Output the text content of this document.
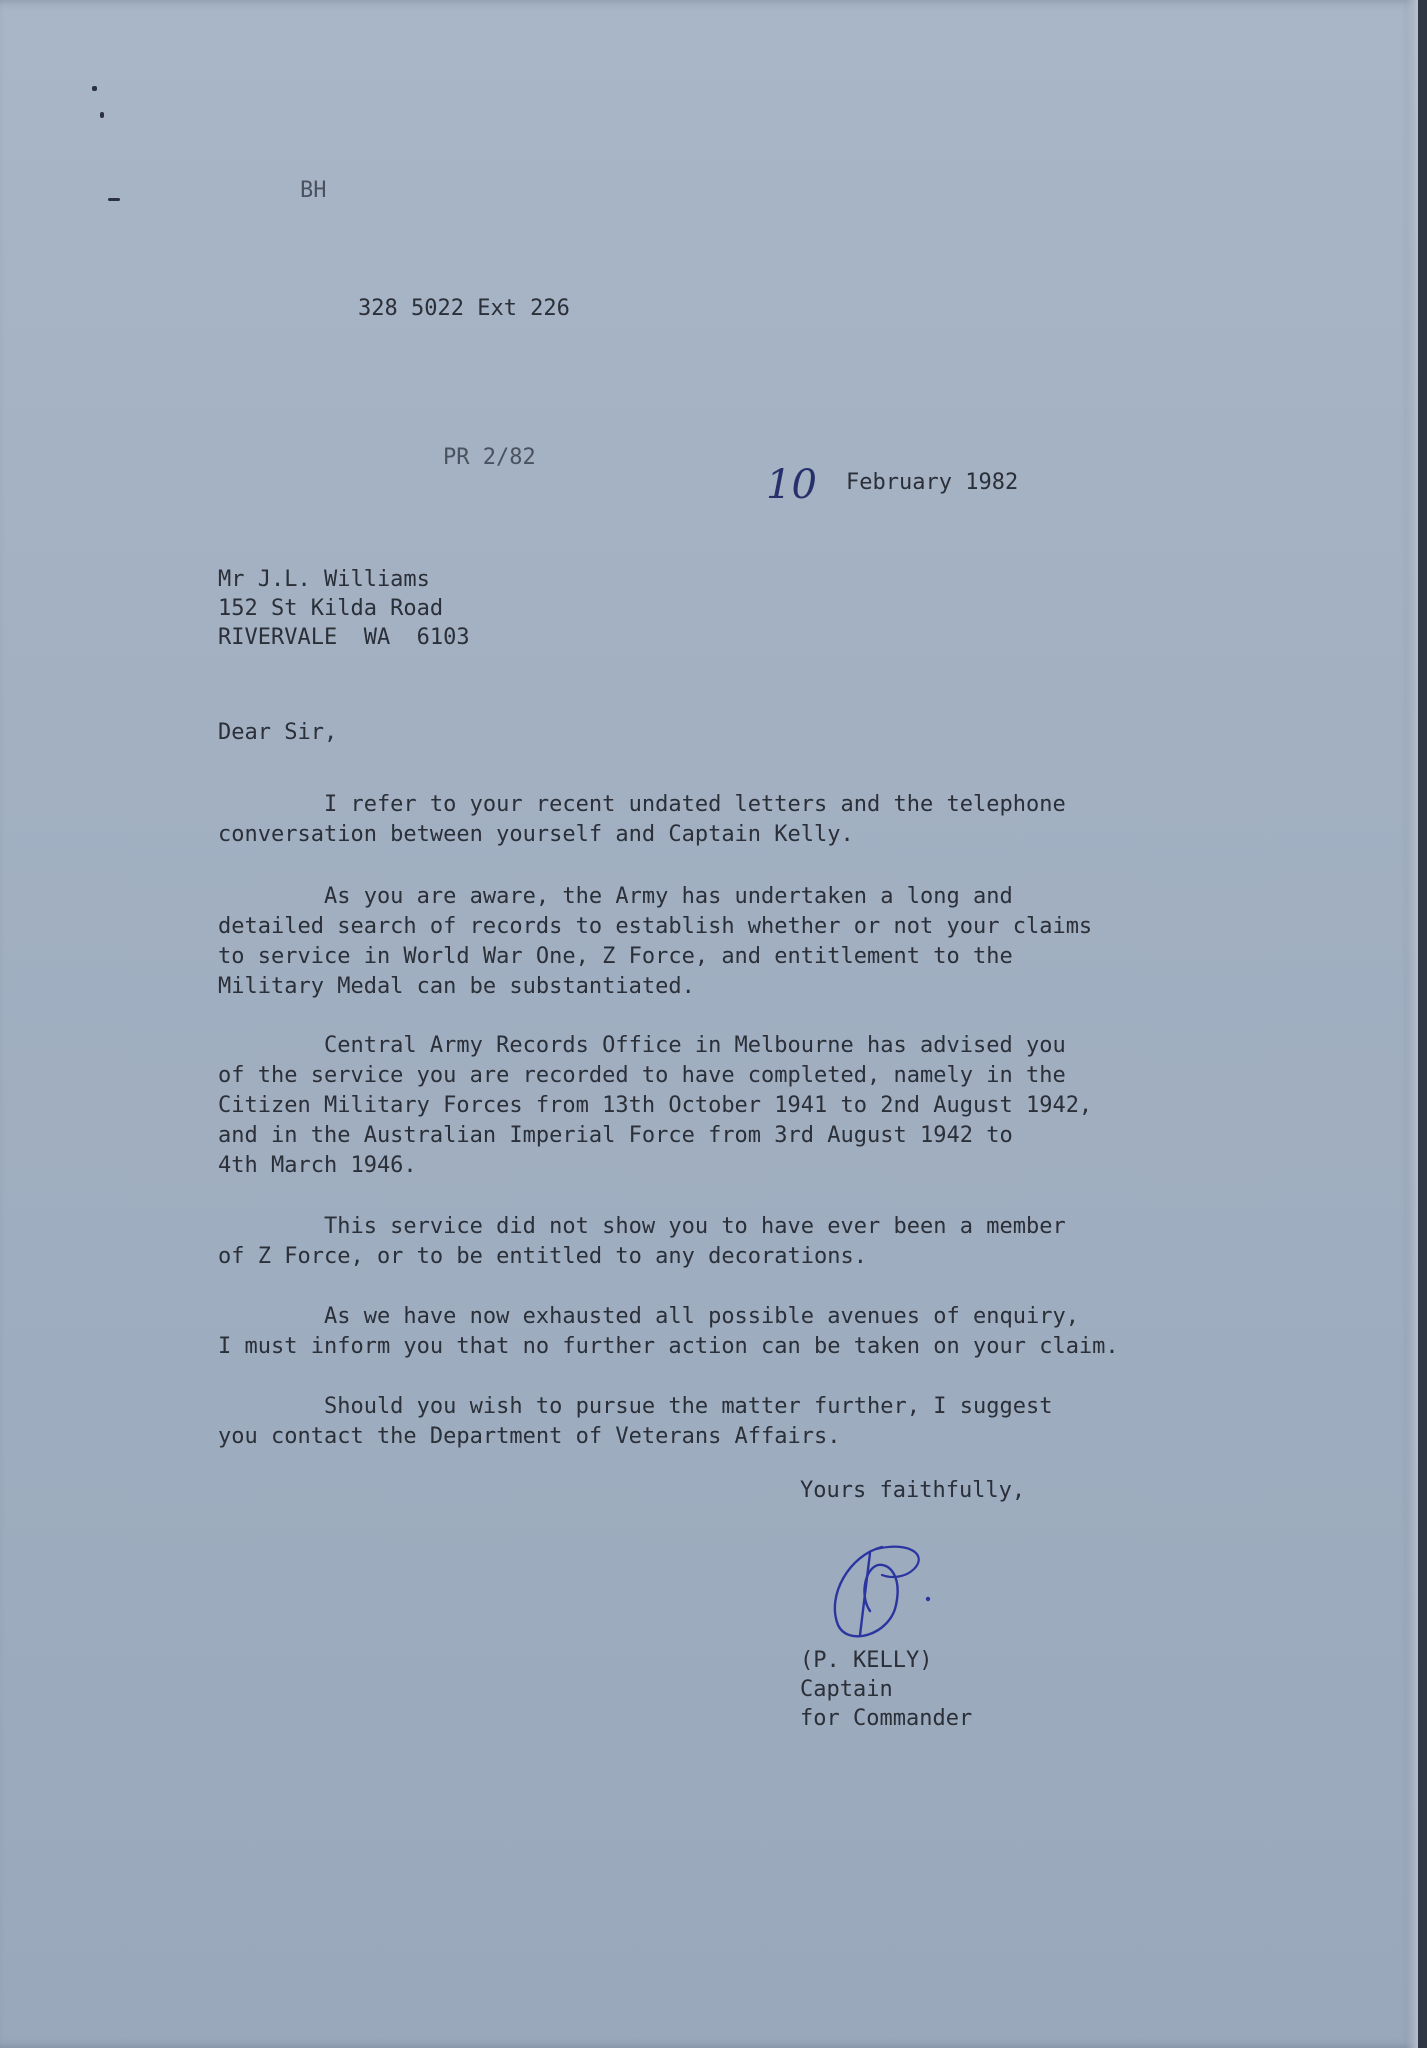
BH

328 5022 Ext 226

PR 2/82

10 February 1982

Mr J.L. Williams

152 St Kilda Road

RIVERVALE  WA  6103

Dear Sir,

I refer to your recent undated letters and the telephone
conversation between yourself and Captain Kelly.
As you are aware, the Army has undertaken a long and
detailed search of records to establish whether or not your claims
to service in World War One, Z Force, and entitlement to the
Military Medal can be substantiated.
Central Army Records Office in Melbourne has advised you
of the service you are recorded to have completed, namely in the
Citizen Military Forces from 13th October 1941 to 2nd August 1942,
and in the Australian Imperial Force from 3rd August 1942 to
4th March 1946.
This service did not show you to have ever been a member
of Z Force, or to be entitled to any decorations.
As we have now exhausted all possible avenues of enquiry,
I must inform you that no further action can be taken on your claim.
Should you wish to pursue the matter further, I suggest
you contact the Department of Veterans Affairs.

Yours faithfully,

(P. KELLY)

Captain

for Commander
